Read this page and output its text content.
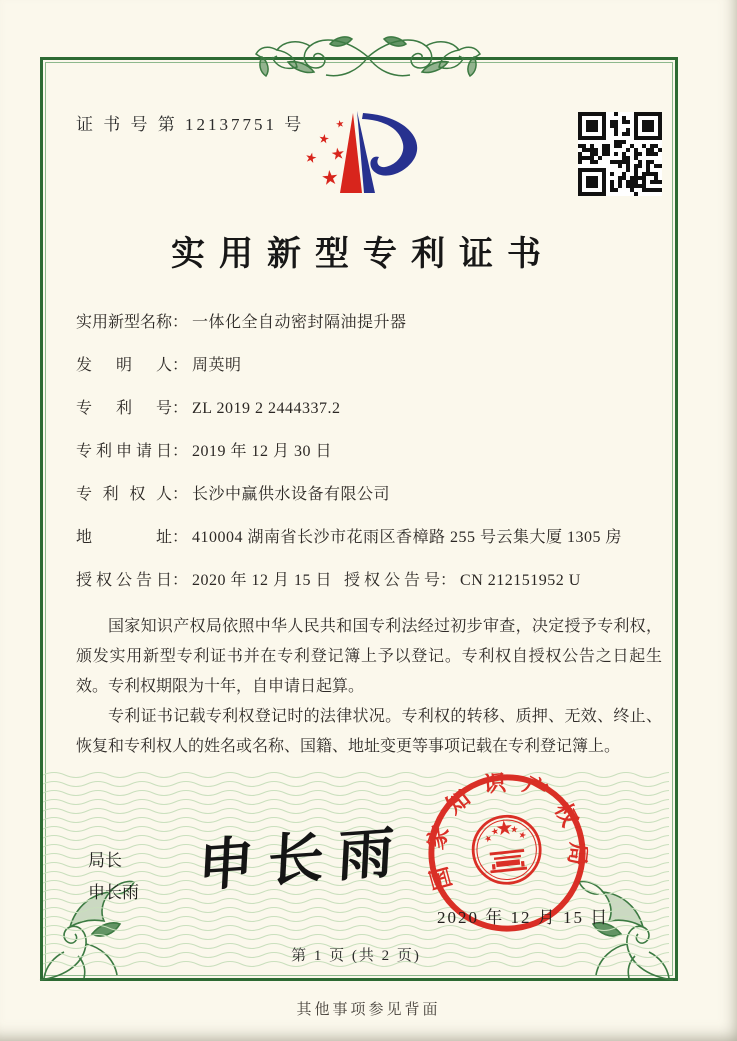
证 书 号 第 12137751 号
实用新型专利证书
实用新型名称 ： 一体化全自动密封隔油提升器
发明人 ： 周英明
专利号 ： ZL 2019 2 2444337.2
专利申请日 ： 2019 年 12 月 30 日
专利权人 ： 长沙中赢供水设备有限公司
地址 ： 410004 湖南省长沙市花雨区香樟路 255 号云集大厦 1305 房
授权公告日 ： 2020 年 12 月 15 日 授权公告号 ： CN 212151952 U

国家知识产权局依照中华人民共和国专利法经过初步审查，决定授予专利权，颁发实用新型专利证书并在专利登记簿上予以登记。专利权自授权公告之日起生效。专利权期限为十年，自申请日起算。

专利证书记载专利权登记时的法律状况。专利权的转移、质押、无效、终止、恢复和专利权人的姓名或名称、国籍、地址变更等事项记载在专利登记簿上。

局长
申长雨 申长雨 国家知识产权局
2020 年 12 月 15 日
第 1 页 (共 2 页)
其他事项参见背面
